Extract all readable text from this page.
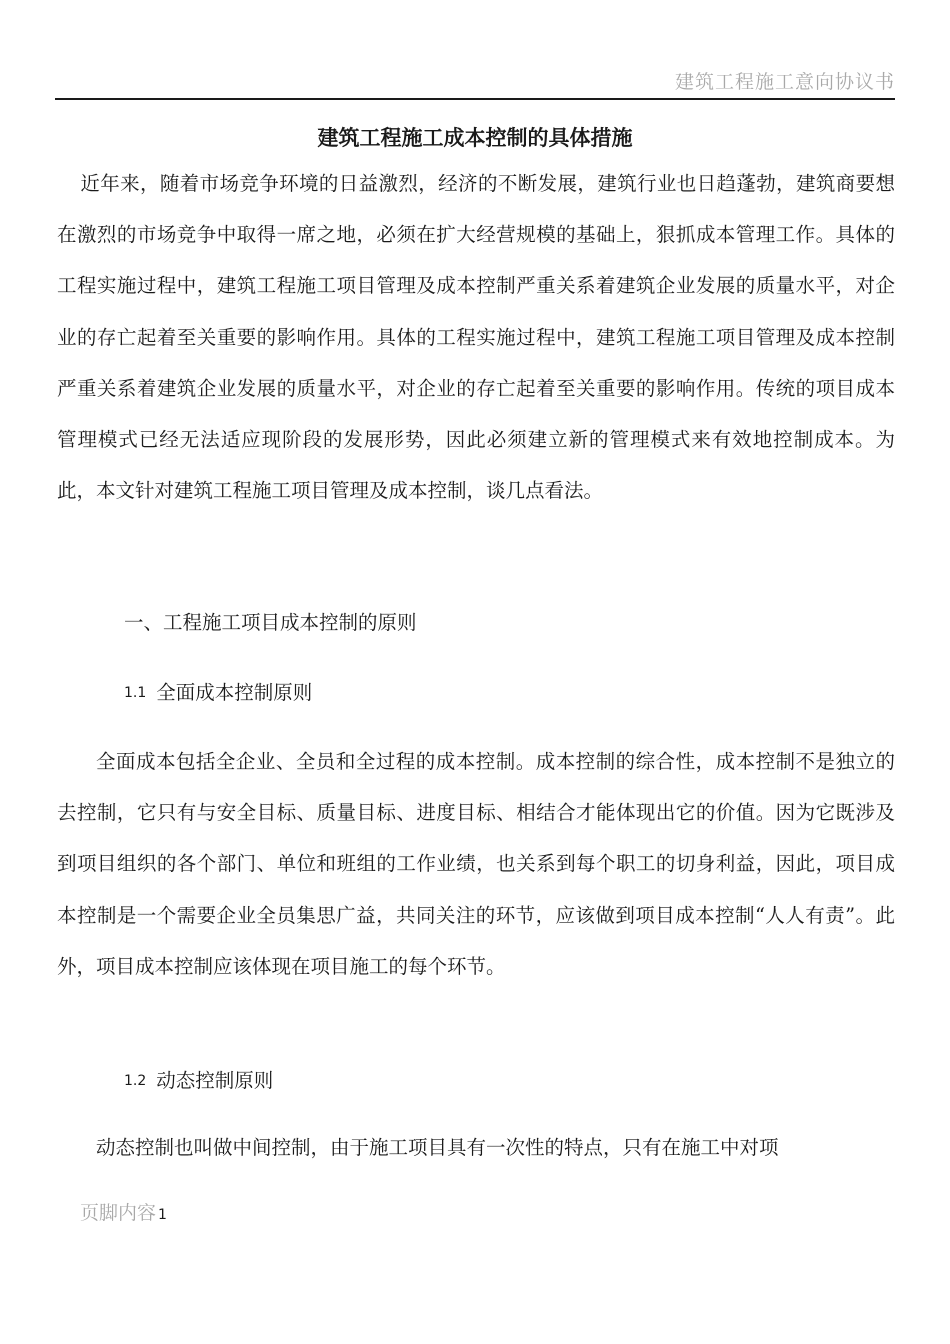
建筑工程施工意向协议书
建筑工程施工成本控制的具体措施

近年来，随着市场竞争环境的日益激烈，经济的不断发展，建筑行业也日趋蓬勃，建筑商要想在激烈的市场竞争中取得一席之地，必须在扩大经营规模的基础上，狠抓成本管理工作。具体的工程实施过程中，建筑工程施工项目管理及成本控制严重关系着建筑企业发展的质量水平，对企业的存亡起着至关重要的影响作用。具体的工程实施过程中，建筑工程施工项目管理及成本控制严重关系着建筑企业发展的质量水平，对企业的存亡起着至关重要的影响作用。传统的项目成本管理模式已经无法适应现阶段的发展形势，因此必须建立新的管理模式来有效地控制成本。为此，本文针对建筑工程施工项目管理及成本控制，谈几点看法。

一、工程施工项目成本控制的原则

1.1 全面成本控制原则

全面成本包括全企业、全员和全过程的成本控制。成本控制的综合性，成本控制不是独立的去控制，它只有与安全目标、质量目标、进度目标、相结合才能体现出它的价值。因为它既涉及到项目组织的各个部门、单位和班组的工作业绩，也关系到每个职工的切身利益，因此，项目成本控制是一个需要企业全员集思广益，共同关注的环节，应该做到项目成本控制“人人有责”。此外，项目成本控制应该体现在项目施工的每个环节。

1.2 动态控制原则

动态控制也叫做中间控制，由于施工项目具有一次性的特点，只有在施工中对项

页脚内容 1
